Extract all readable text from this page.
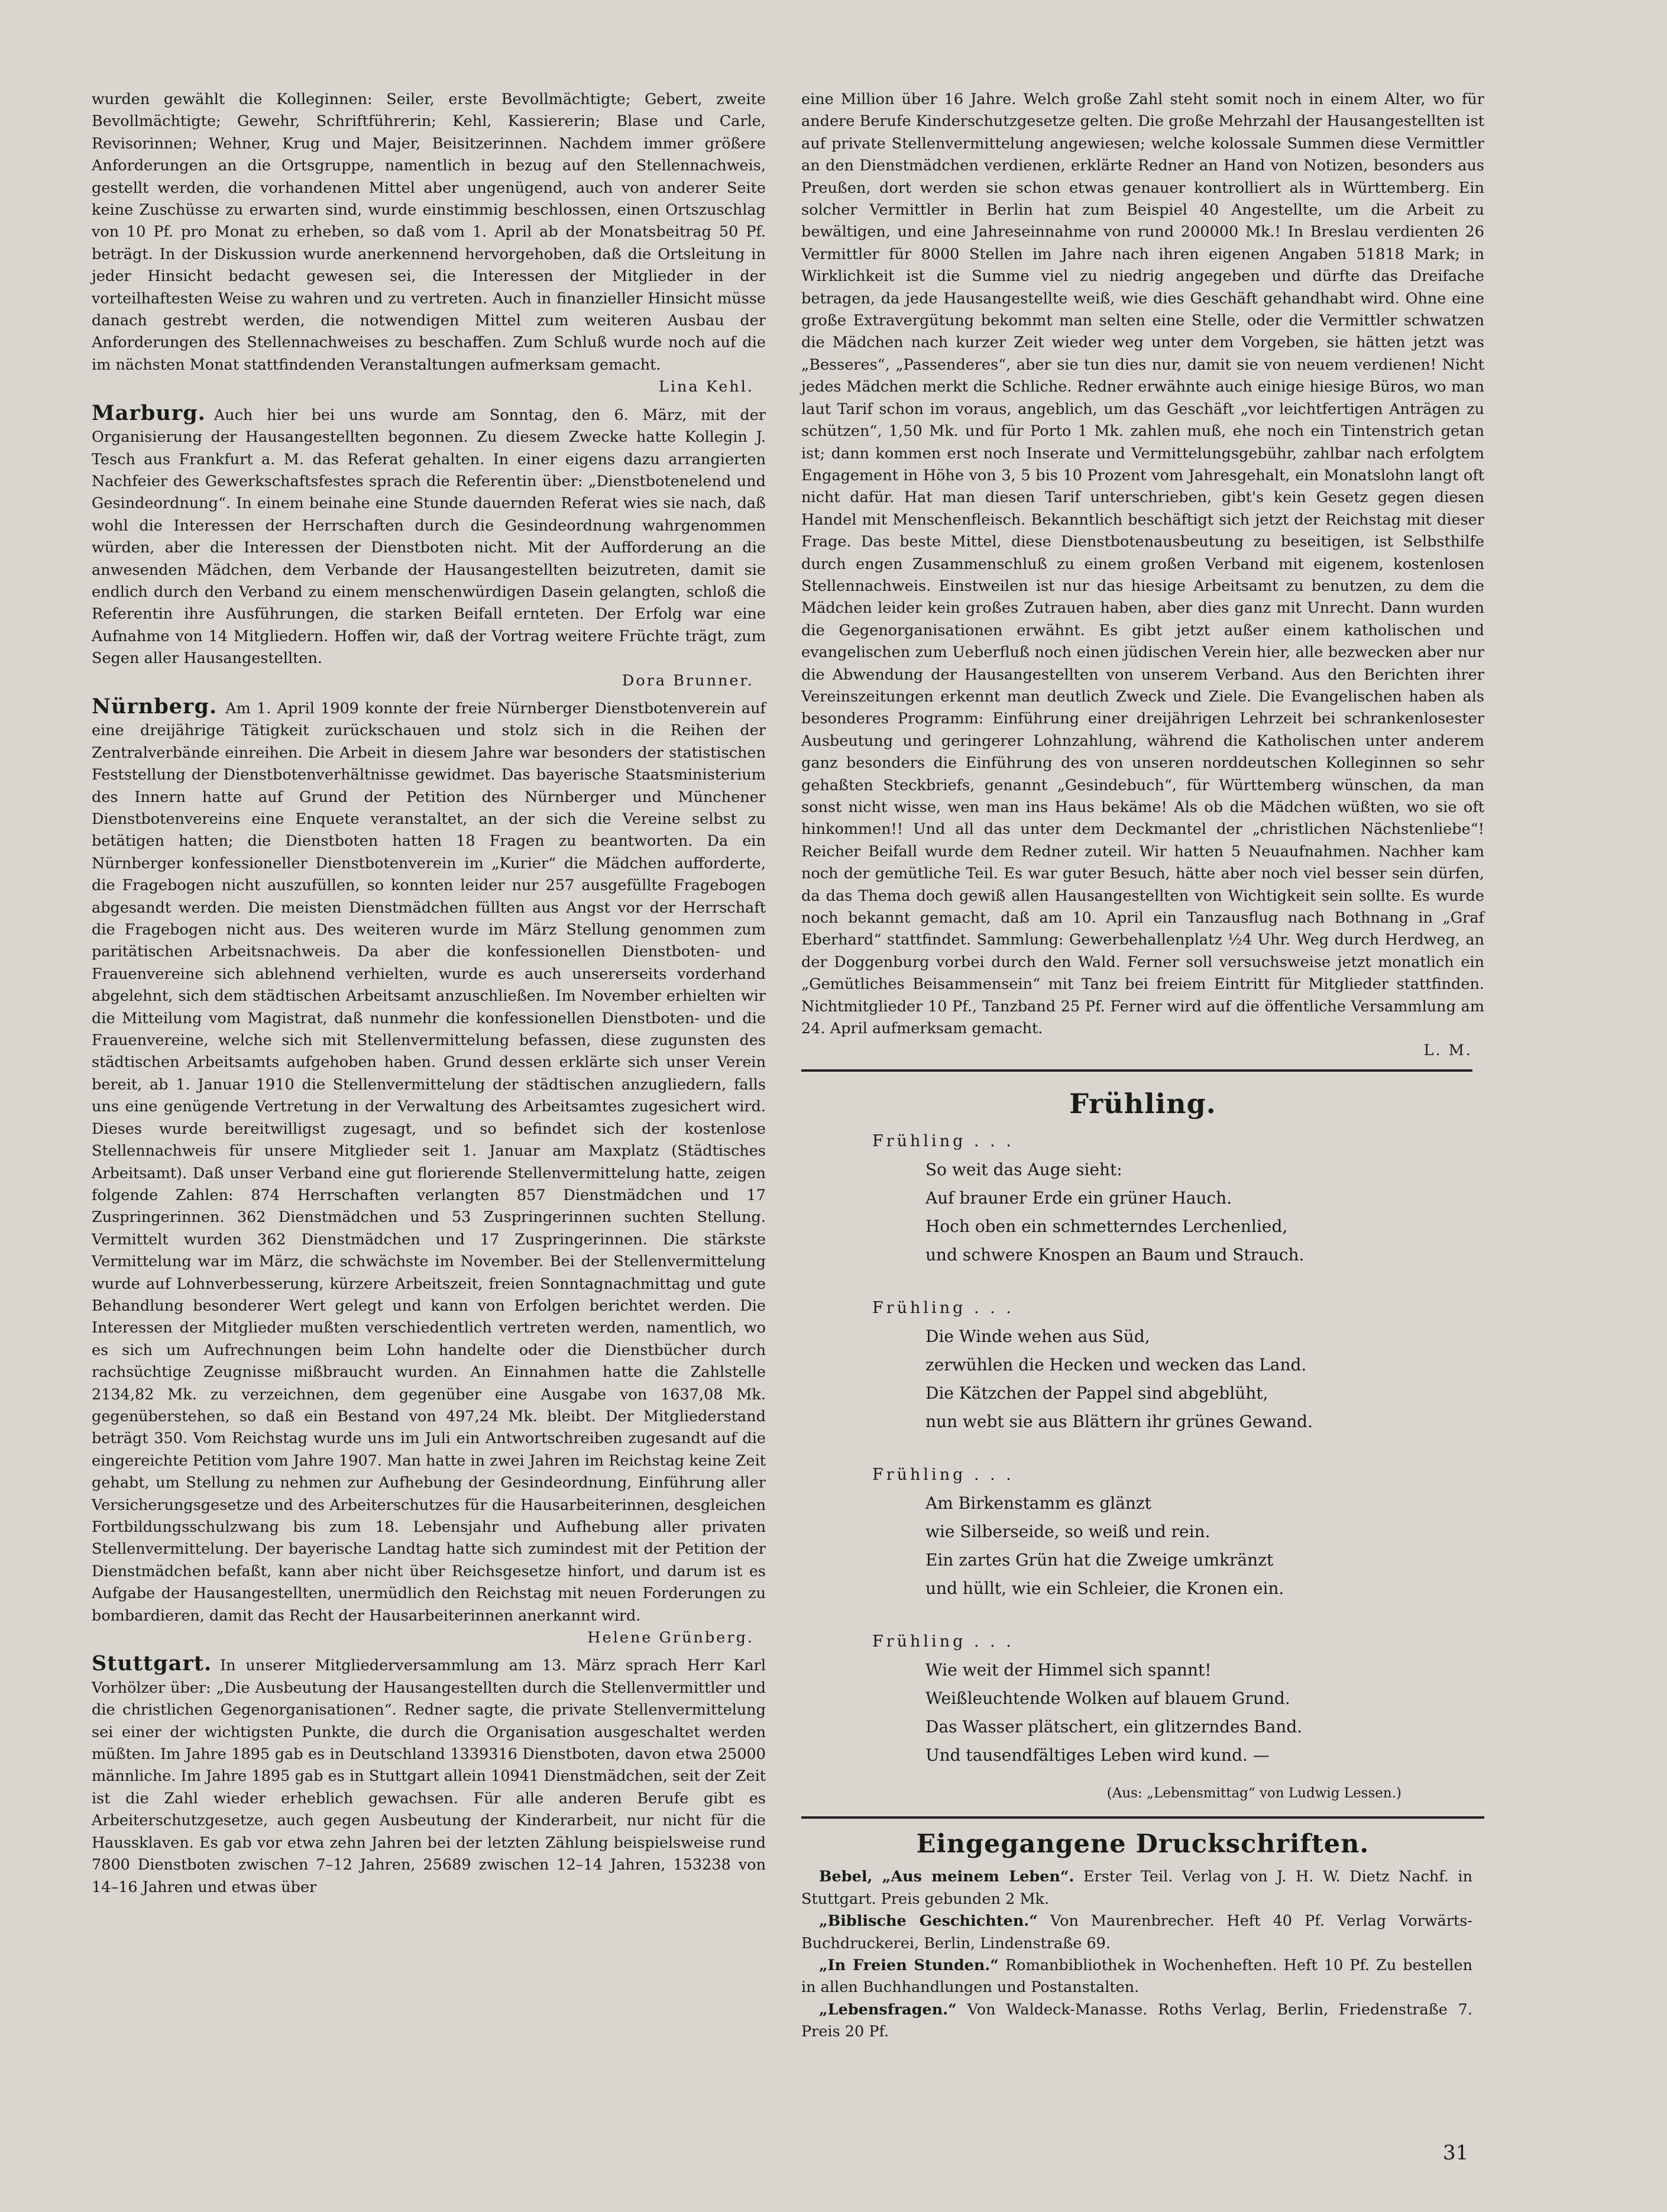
wurden gewählt die Kolleginnen: Seiler, erste Bevollmächtigte; Gebert, zweite Bevollmächtigte; Gewehr, Schriftführerin; Kehl, Kassiererin; Blase und Carle, Revisorinnen; Wehner, Krug und Majer, Beisitzerinnen. Nachdem immer größere Anforderungen an die Ortsgruppe, namentlich in bezug auf den Stellennachweis, gestellt werden, die vorhandenen Mittel aber ungenügend, auch von anderer Seite keine Zuschüsse zu erwarten sind, wurde einstimmig beschlossen, einen Ortszuschlag von 10 Pf. pro Monat zu erheben, so daß vom 1. April ab der Monatsbeitrag 50 Pf. beträgt. In der Diskussion wurde anerkennend hervorgehoben, daß die Ortsleitung in jeder Hinsicht bedacht gewesen sei, die Interessen der Mitglieder in der vorteilhaftesten Weise zu wahren und zu vertreten. Auch in finanzieller Hinsicht müsse danach gestrebt werden, die notwendigen Mittel zum weiteren Ausbau der Anforderungen des Stellennachweises zu beschaffen. Zum Schluß wurde noch auf die im nächsten Monat stattfindenden Veranstaltungen aufmerksam gemacht.

Lina Kehl.

Marburg. Auch hier bei uns wurde am Sonntag, den 6. März, mit der Organisierung der Hausangestellten begonnen. Zu diesem Zwecke hatte Kollegin J. Tesch aus Frankfurt a. M. das Referat gehalten. In einer eigens dazu arrangierten Nachfeier des Gewerkschaftsfestes sprach die Referentin über: „Dienstbotenelend und Gesindeordnung“. In einem beinahe eine Stunde dauernden Referat wies sie nach, daß wohl die Interessen der Herrschaften durch die Gesindeordnung wahrgenommen würden, aber die Interessen der Dienstboten nicht. Mit der Aufforderung an die anwesenden Mädchen, dem Verbande der Hausangestellten beizutreten, damit sie endlich durch den Verband zu einem menschenwürdigen Dasein gelangten, schloß die Referentin ihre Ausführungen, die starken Beifall ernteten. Der Erfolg war eine Aufnahme von 14 Mitgliedern. Hoffen wir, daß der Vortrag weitere Früchte trägt, zum Segen aller Hausangestellten.

Dora Brunner.

Nürnberg. Am 1. April 1909 konnte der freie Nürnberger Dienstbotenverein auf eine dreijährige Tätigkeit zurückschauen und stolz sich in die Reihen der Zentralverbände einreihen. Die Arbeit in diesem Jahre war besonders der statistischen Feststellung der Dienstbotenverhältnisse gewidmet. Das bayerische Staatsministerium des Innern hatte auf Grund der Petition des Nürnberger und Münchener Dienstbotenvereins eine Enquete veranstaltet, an der sich die Vereine selbst zu betätigen hatten; die Dienstboten hatten 18 Fragen zu beantworten. Da ein Nürnberger konfessioneller Dienstbotenverein im „Kurier“ die Mädchen aufforderte, die Fragebogen nicht auszufüllen, so konnten leider nur 257 ausgefüllte Fragebogen abgesandt werden. Die meisten Dienstmädchen füllten aus Angst vor der Herrschaft die Fragebogen nicht aus. Des weiteren wurde im März Stellung genommen zum paritätischen Arbeitsnachweis. Da aber die konfessionellen Dienstboten- und Frauenvereine sich ablehnend verhielten, wurde es auch unsererseits vorderhand abgelehnt, sich dem städtischen Arbeitsamt anzuschließen. Im November erhielten wir die Mitteilung vom Magistrat, daß nunmehr die konfessionellen Dienstboten- und die Frauenvereine, welche sich mit Stellenvermittelung befassen, diese zugunsten des städtischen Arbeitsamts aufgehoben haben. Grund dessen erklärte sich unser Verein bereit, ab 1. Januar 1910 die Stellenvermittelung der städtischen anzugliedern, falls uns eine genügende Vertretung in der Verwaltung des Arbeitsamtes zugesichert wird. Dieses wurde bereitwilligst zugesagt, und so befindet sich der kostenlose Stellennachweis für unsere Mitglieder seit 1. Januar am Maxplatz (Städtisches Arbeitsamt). Daß unser Verband eine gut florierende Stellenvermittelung hatte, zeigen folgende Zahlen: 874 Herrschaften verlangten 857 Dienstmädchen und 17 Zuspringerinnen. 362 Dienstmädchen und 53 Zuspringerinnen suchten Stellung. Vermittelt wurden 362 Dienstmädchen und 17 Zuspringerinnen. Die stärkste Vermittelung war im März, die schwächste im November. Bei der Stellenvermittelung wurde auf Lohnverbesserung, kürzere Arbeitszeit, freien Sonntagnachmittag und gute Behandlung besonderer Wert gelegt und kann von Erfolgen berichtet werden. Die Interessen der Mitglieder mußten verschiedentlich vertreten werden, namentlich, wo es sich um Aufrechnungen beim Lohn handelte oder die Dienstbücher durch rachsüchtige Zeugnisse mißbraucht wurden. An Einnahmen hatte die Zahlstelle 2134,82 Mk. zu verzeichnen, dem gegenüber eine Ausgabe von 1637,08 Mk. gegenüberstehen, so daß ein Bestand von 497,24 Mk. bleibt. Der Mitgliederstand beträgt 350. Vom Reichstag wurde uns im Juli ein Antwortschreiben zugesandt auf die eingereichte Petition vom Jahre 1907. Man hatte in zwei Jahren im Reichstag keine Zeit gehabt, um Stellung zu nehmen zur Aufhebung der Gesindeordnung, Einführung aller Versicherungsgesetze und des Arbeiterschutzes für die Hausarbeiterinnen, desgleichen Fortbildungsschulzwang bis zum 18. Lebensjahr und Aufhebung aller privaten Stellenvermittelung. Der bayerische Landtag hatte sich zumindest mit der Petition der Dienstmädchen befaßt, kann aber nicht über Reichsgesetze hinfort, und darum ist es Aufgabe der Hausangestellten, unermüdlich den Reichstag mit neuen Forderungen zu bombardieren, damit das Recht der Hausarbeiterinnen anerkannt wird.

Helene Grünberg.

Stuttgart. In unserer Mitgliederversammlung am 13. März sprach Herr Karl Vorhölzer über: „Die Ausbeutung der Hausangestellten durch die Stellenvermittler und die christlichen Gegenorganisationen“. Redner sagte, die private Stellenvermittelung sei einer der wichtigsten Punkte, die durch die Organisation ausgeschaltet werden müßten. Im Jahre 1895 gab es in Deutschland 1339316 Dienstboten, davon etwa 25000 männliche. Im Jahre 1895 gab es in Stuttgart allein 10941 Dienstmädchen, seit der Zeit ist die Zahl wieder erheblich gewachsen. Für alle anderen Berufe gibt es Arbeiterschutzgesetze, auch gegen Ausbeutung der Kinderarbeit, nur nicht für die Haussklaven. Es gab vor etwa zehn Jahren bei der letzten Zählung beispielsweise rund 7800 Dienstboten zwischen 7–12 Jahren, 25689 zwischen 12–14 Jahren, 153238 von 14–16 Jahren und etwas über

eine Million über 16 Jahre. Welch große Zahl steht somit noch in einem Alter, wo für andere Berufe Kinderschutzgesetze gelten. Die große Mehrzahl der Hausangestellten ist auf private Stellenvermittelung angewiesen; welche kolossale Summen diese Vermittler an den Dienstmädchen verdienen, erklärte Redner an Hand von Notizen, besonders aus Preußen, dort werden sie schon etwas genauer kontrolliert als in Württemberg. Ein solcher Vermittler in Berlin hat zum Beispiel 40 Angestellte, um die Arbeit zu bewältigen, und eine Jahreseinnahme von rund 200000 Mk.! In Breslau verdienten 26 Vermittler für 8000 Stellen im Jahre nach ihren eigenen Angaben 51818 Mark; in Wirklichkeit ist die Summe viel zu niedrig angegeben und dürfte das Dreifache betragen, da jede Hausangestellte weiß, wie dies Geschäft gehandhabt wird. Ohne eine große Extravergütung bekommt man selten eine Stelle, oder die Vermittler schwatzen die Mädchen nach kurzer Zeit wieder weg unter dem Vorgeben, sie hätten jetzt was „Besseres“, „Passenderes“, aber sie tun dies nur, damit sie von neuem verdienen! Nicht jedes Mädchen merkt die Schliche. Redner erwähnte auch einige hiesige Büros, wo man laut Tarif schon im voraus, angeblich, um das Geschäft „vor leichtfertigen Anträgen zu schützen“, 1,50 Mk. und für Porto 1 Mk. zahlen muß, ehe noch ein Tintenstrich getan ist; dann kommen erst noch Inserate und Vermittelungsgebühr, zahlbar nach erfolgtem Engagement in Höhe von 3, 5 bis 10 Prozent vom Jahresgehalt, ein Monatslohn langt oft nicht dafür. Hat man diesen Tarif unterschrieben, gibt's kein Gesetz gegen diesen Handel mit Menschenfleisch. Bekanntlich beschäftigt sich jetzt der Reichstag mit dieser Frage. Das beste Mittel, diese Dienstbotenausbeutung zu beseitigen, ist Selbsthilfe durch engen Zusammenschluß zu einem großen Verband mit eigenem, kostenlosen Stellennachweis. Einstweilen ist nur das hiesige Arbeitsamt zu benutzen, zu dem die Mädchen leider kein großes Zutrauen haben, aber dies ganz mit Unrecht. Dann wurden die Gegenorganisationen erwähnt. Es gibt jetzt außer einem katholischen und evangelischen zum Ueberfluß noch einen jüdischen Verein hier, alle bezwecken aber nur die Abwendung der Hausangestellten von unserem Verband. Aus den Berichten ihrer Vereinszeitungen erkennt man deutlich Zweck und Ziele. Die Evangelischen haben als besonderes Programm: Einführung einer dreijährigen Lehrzeit bei schrankenlosester Ausbeutung und geringerer Lohnzahlung, während die Katholischen unter anderem ganz besonders die Einführung des von unseren norddeutschen Kolleginnen so sehr gehaßten Steckbriefs, genannt „Gesindebuch“, für Württemberg wünschen, da man sonst nicht wisse, wen man ins Haus bekäme! Als ob die Mädchen wüßten, wo sie oft hinkommen!! Und all das unter dem Deckmantel der „christlichen Nächstenliebe“! Reicher Beifall wurde dem Redner zuteil. Wir hatten 5 Neuaufnahmen. Nachher kam noch der gemütliche Teil. Es war guter Besuch, hätte aber noch viel besser sein dürfen, da das Thema doch gewiß allen Hausangestellten von Wichtigkeit sein sollte. Es wurde noch bekannt gemacht, daß am 10. April ein Tanzausflug nach Bothnang in „Graf Eberhard“ stattfindet. Sammlung: Gewerbehallenplatz ½4 Uhr. Weg durch Herdweg, an der Doggenburg vorbei durch den Wald. Ferner soll versuchsweise jetzt monatlich ein „Gemütliches Beisammensein“ mit Tanz bei freiem Eintritt für Mitglieder stattfinden. Nichtmitglieder 10 Pf., Tanzband 25 Pf. Ferner wird auf die öffentliche Versammlung am 24. April aufmerksam gemacht.

L. M.

Frühling.
Frühling . . .
So weit das Auge sieht:
Auf brauner Erde ein grüner Hauch.
Hoch oben ein schmetterndes Lerchenlied,
und schwere Knospen an Baum und Strauch.
Frühling . . .
Die Winde wehen aus Süd,
zerwühlen die Hecken und wecken das Land.
Die Kätzchen der Pappel sind abgeblüht,
nun webt sie aus Blättern ihr grünes Gewand.
Frühling . . .
Am Birkenstamm es glänzt
wie Silberseide, so weiß und rein.
Ein zartes Grün hat die Zweige umkränzt
und hüllt, wie ein Schleier, die Kronen ein.
Frühling . . .
Wie weit der Himmel sich spannt!
Weißleuchtende Wolken auf blauem Grund.
Das Wasser plätschert, ein glitzerndes Band.
Und tausendfältiges Leben wird kund. —
(Aus: „Lebensmittag“ von Ludwig Lessen.)
Eingegangene Druckschriften.

Bebel, „Aus meinem Leben“. Erster Teil. Verlag von J. H. W. Dietz Nachf. in Stuttgart. Preis gebunden 2 Mk.

„Biblische Geschichten.“ Von Maurenbrecher. Heft 40 Pf. Verlag Vorwärts-Buchdruckerei, Berlin, Lindenstraße 69.

„In Freien Stunden.“ Romanbibliothek in Wochenheften. Heft 10 Pf. Zu bestellen in allen Buchhandlungen und Postanstalten.

„Lebensfragen.“ Von Waldeck-Manasse. Roths Verlag, Berlin, Friedenstraße 7. Preis 20 Pf.

31
